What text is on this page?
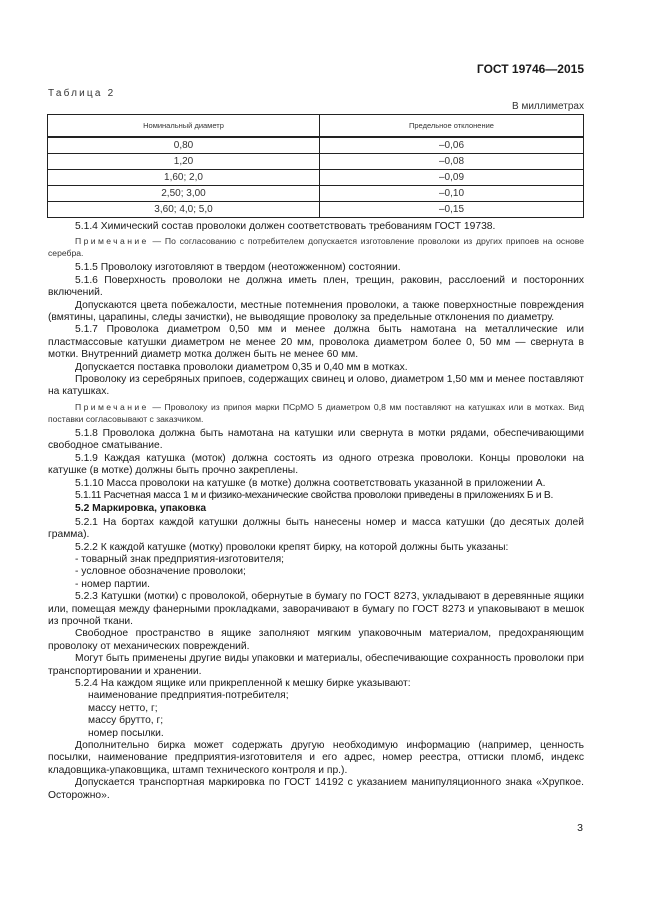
ГОСТ 19746—2015
Таблица 2
В миллиметрах
Номинальный диаметр	Предельное отклонение
0,80	–0,06
1,20	–0,08
1,60; 2,0	–0,09
2,50; 3,00	–0,10
3,60; 4,0; 5,0	–0,15

5.1.4 Химический состав проволоки должен соответствовать требованиям ГОСТ 19738.

Примечание — По согласованию с потребителем допускается изготовление проволоки из других припоев на основе серебра.

5.1.5 Проволоку изготовляют в твердом (неотожженном) состоянии.

5.1.6 Поверхность проволоки не должна иметь плен, трещин, раковин, расслоений и посторонних включений.

Допускаются цвета побежалости, местные потемнения проволоки, а также поверхностные повреждения (вмятины, царапины, следы зачистки), не выводящие проволоку за предельные отклонения по диаметру.

5.1.7 Проволока диаметром 0,50 мм и менее должна быть намотана на металлические или пластмассовые катушки диаметром не менее 20 мм, проволока диаметром более 0, 50 мм — свернута в мотки. Внутренний диаметр мотка должен быть не менее 60 мм.

Допускается поставка проволоки диаметром 0,35 и 0,40 мм в мотках.

Проволоку из серебряных припоев, содержащих свинец и олово, диаметром 1,50 мм и менее поставляют на катушках.

Примечание — Проволоку из припоя марки ПСрМО 5 диаметром 0,8 мм поставляют на катушках или в мотках. Вид поставки согласовывают с заказчиком.

5.1.8 Проволока должна быть намотана на катушки или свернута в мотки рядами, обеспечивающими свободное сматывание.

5.1.9 Каждая катушка (моток) должна состоять из одного отрезка проволоки. Концы проволоки на катушке (в мотке) должны быть прочно закреплены.

5.1.10 Масса проволоки на катушке (в мотке) должна соответствовать указанной в приложении А.

5.1.11 Расчетная масса 1 м и физико-механические свойства проволоки приведены в приложениях Б и В.

5.2 Маркировка, упаковка

5.2.1 На бортах каждой катушки должны быть нанесены номер и масса катушки (до десятых долей грамма).

5.2.2 К каждой катушке (мотку) проволоки крепят бирку, на которой должны быть указаны:

- товарный знак предприятия-изготовителя;

- условное обозначение проволоки;

- номер партии.

5.2.3 Катушки (мотки) с проволокой, обернутые в бумагу по ГОСТ 8273, укладывают в деревянные ящики или, помещая между фанерными прокладками, заворачивают в бумагу по ГОСТ 8273 и упаковывают в мешок из прочной ткани.

Свободное пространство в ящике заполняют мягким упаковочным материалом, предохраняющим проволоку от механических повреждений.

Могут быть применены другие виды упаковки и материалы, обеспечивающие сохранность проволоки при транспортировании и хранении.

5.2.4 На каждом ящике или прикрепленной к мешку бирке указывают:

наименование предприятия-потребителя;

массу нетто, г;

массу брутто, г;

номер посылки.

Дополнительно бирка может содержать другую необходимую информацию (например, ценность посылки, наименование предприятия-изготовителя и его адрес, номер реестра, оттиски пломб, индекс кладовщика-упаковщика, штамп технического контроля и пр.).

Допускается транспортная маркировка по ГОСТ 14192 с указанием манипуляционного знака «Хрупкое. Осторожно».

3
